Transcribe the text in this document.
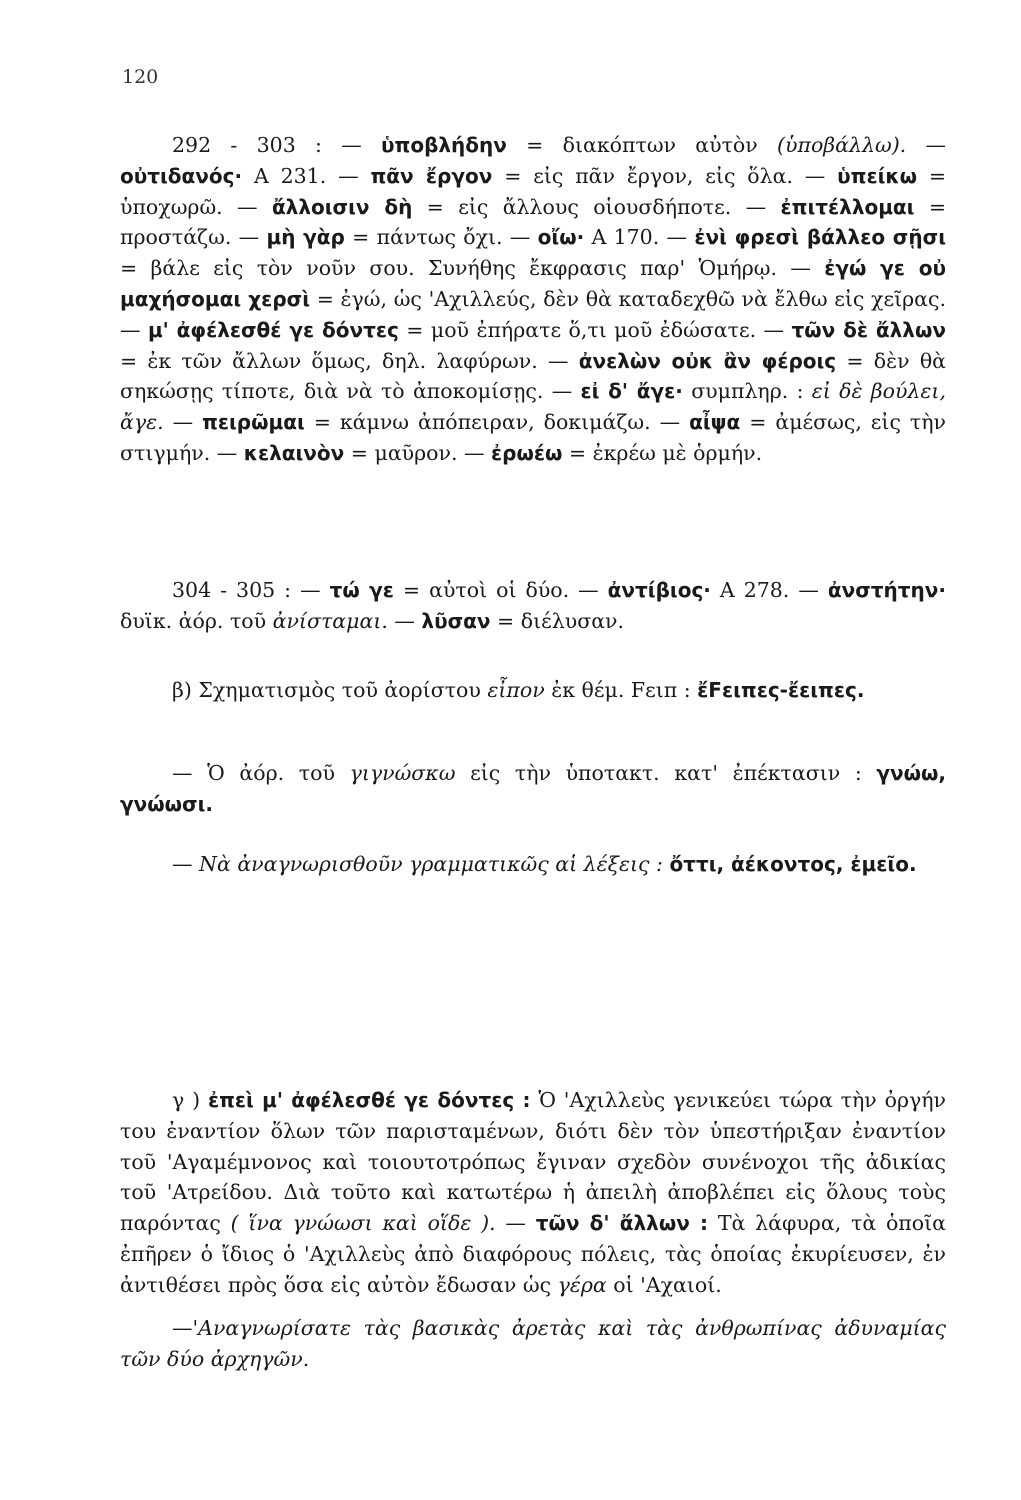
120

292 - 303 : — ὑποβλήδην = διακόπτων αὐτὸν (ὑποβάλλω). — οὐτιδανός· Α 231. — πᾶν ἔργον = εἰς πᾶν ἔργον, εἰς ὅλα. — ὑπείκω = ὑποχωρῶ. — ἄλλοισιν δὴ = εἰς ἄλλους οἱουσδήποτε. — ἐπιτέλλομαι = προστάζω. — μὴ γὰρ = πάντως ὄχι. — οἴω· Α 170. — ἐνὶ φρεσὶ βάλλεο σῇσι = βάλε εἰς τὸν νοῦν σου. Συνήθης ἔκφρασις παρ' Ὁμήρῳ. — ἐγώ γε οὐ μαχήσομαι χερσὶ = ἐγώ, ὡς 'Αχιλλεύς, δὲν θὰ καταδεχθῶ νὰ ἔλθω εἰς χεῖρας. — μ' ἀφέλεσθέ γε δόντες = μοῦ ἐπήρατε ὅ,τι μοῦ ἐδώσατε. — τῶν δὲ ἄλλων = ἐκ τῶν ἄλλων ὅμως, δηλ. λαφύρων. — ἀνελὼν οὐκ ἂν φέροις = δὲν θὰ σηκώσῃς τίποτε, διὰ νὰ τὸ ἀποκομίσῃς. — εἰ δ' ἄγε· συμπληρ. : εἰ δὲ βούλει, ἄγε. — πειρῶμαι = κάμνω ἀπόπειραν, δοκιμάζω. — αἶψα = ἀμέσως, εἰς τὴν στιγμήν. — κελαινὸν = μαῦρον. — ἐρωέω = ἐκρέω μὲ ὁρμήν.

304 - 305 : — τώ γε = αὐτοὶ οἱ δύο. — ἀντίβιος· Α 278. — ἀνστήτην· δυϊκ. ἀόρ. τοῦ ἀνίσταμαι. — λῦσαν = διέλυσαν.

β) Σχηματισμὸς τοῦ ἀορίστου εἶπον ἐκ θέμ. Fειπ : ἔFειπες-ἔειπες.

— Ὁ ἀόρ. τοῦ γιγνώσκω εἰς τὴν ὑποτακτ. κατ' ἐπέκτασιν : γνώω, γνώωσι.

— Νὰ ἀναγνωρισθοῦν γραμματικῶς αἱ λέξεις : ὄττι, ἀέκοντος, ἐμεῖο.

γ ) ἐπεὶ μ' ἀφέλεσθέ γε δόντες : Ὁ 'Αχιλλεὺς γενικεύει τώρα τὴν ὀργήν του ἐναντίον ὅλων τῶν παρισταμένων, διότι δὲν τὸν ὑπεστήριξαν ἐναντίον τοῦ 'Αγαμέμνονος καὶ τοιουτοτρόπως ἔγιναν σχεδὸν συνένοχοι τῆς ἀδικίας τοῦ 'Ατρείδου. Διὰ τοῦτο καὶ κατωτέρω ἡ ἀπειλὴ ἀποβλέπει εἰς ὅλους τοὺς παρόντας ( ἵνα γνώωσι καὶ οἵδε ). — τῶν δ' ἄλλων : Τὰ λάφυρα, τὰ ὁποῖα ἐπῆρεν ὁ ἴδιος ὁ 'Αχιλλεὺς ἀπὸ διαφόρους πόλεις, τὰς ὁποίας ἐκυρίευσεν, ἐν ἀντιθέσει πρὸς ὅσα εἰς αὐτὸν ἔδωσαν ὡς γέρα οἱ 'Αχαιοί.

—'Αναγνωρίσατε τὰς βασικὰς ἀρετὰς καὶ τὰς ἀνθρωπίνας ἀδυναμίας τῶν δύο ἀρχηγῶν.
